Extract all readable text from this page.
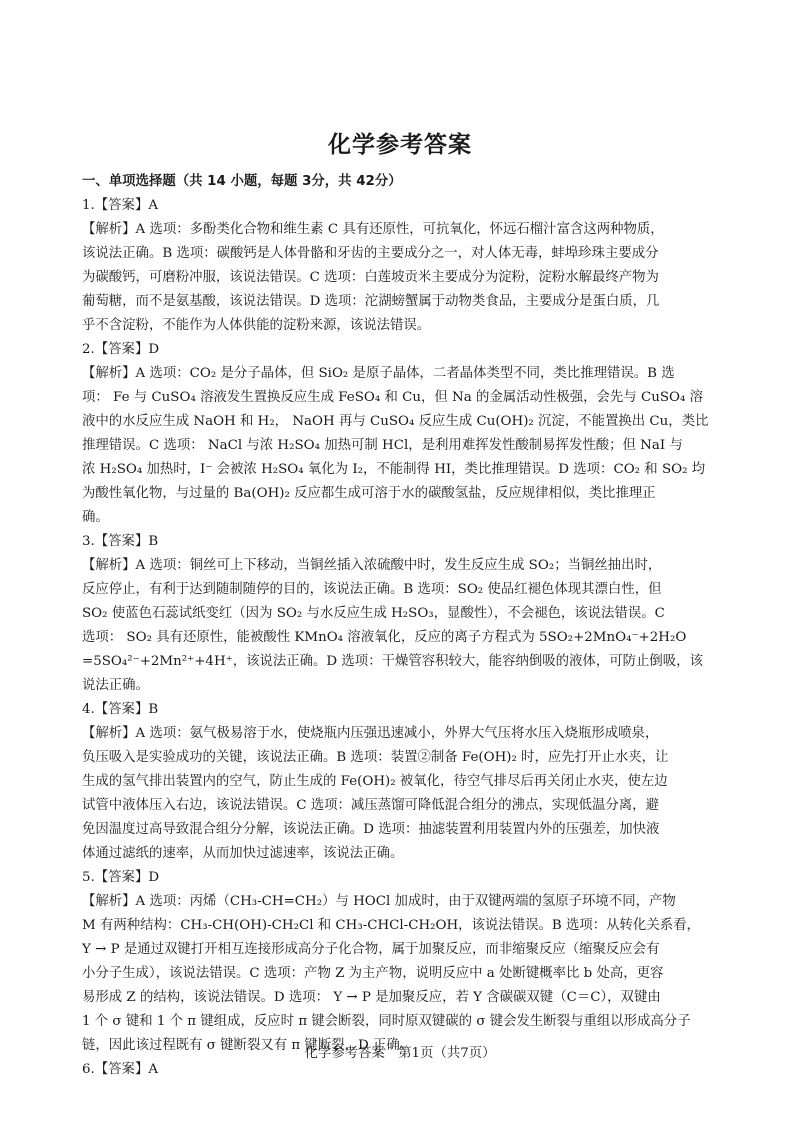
化学参考答案
一、单项选择题（共 14 小题，每题 3分，共 42分）
1.【答案】A
【解析】A 选项：多酚类化合物和维生素 C 具有还原性，可抗氧化，怀远石榴汁富含这两种物质，
该说法正确。B 选项：碳酸钙是人体骨骼和牙齿的主要成分之一，对人体无毒，蚌埠珍珠主要成分
为碳酸钙，可磨粉冲服，该说法错误。C 选项：白莲坡贡米主要成分为淀粉，淀粉水解最终产物为
葡萄糖，而不是氨基酸，该说法错误。D 选项：沱湖螃蟹属于动物类食品，主要成分是蛋白质，几
乎不含淀粉，不能作为人体供能的淀粉来源，该说法错误。
2.【答案】D
【解析】A 选项：CO₂ 是分子晶体，但 SiO₂ 是原子晶体，二者晶体类型不同，类比推理错误。B 选
项： Fe 与 CuSO₄ 溶液发生置换反应生成 FeSO₄ 和 Cu，但 Na 的金属活动性极强，会先与 CuSO₄ 溶
液中的水反应生成 NaOH 和 H₂， NaOH 再与 CuSO₄ 反应生成 Cu(OH)₂ 沉淀，不能置换出 Cu，类比
推理错误。C 选项： NaCl 与浓 H₂SO₄ 加热可制 HCl，是利用难挥发性酸制易挥发性酸；但 NaI 与
浓 H₂SO₄ 加热时，I⁻ 会被浓 H₂SO₄ 氧化为 I₂，不能制得 HI，类比推理错误。D 选项：CO₂ 和 SO₂ 均
为酸性氧化物，与过量的 Ba(OH)₂ 反应都生成可溶于水的碳酸氢盐，反应规律相似，类比推理正
确。
3.【答案】B
【解析】A 选项：铜丝可上下移动，当铜丝插入浓硫酸中时，发生反应生成 SO₂；当铜丝抽出时，
反应停止，有利于达到随制随停的目的，该说法正确。B 选项：SO₂ 使品红褪色体现其漂白性，但
SO₂ 使蓝色石蕊试纸变红（因为 SO₂ 与水反应生成 H₂SO₃，显酸性），不会褪色，该说法错误。C
选项： SO₂ 具有还原性，能被酸性 KMnO₄ 溶液氧化，反应的离子方程式为 5SO₂+2MnO₄⁻+2H₂O
=5SO₄²⁻+2Mn²⁺+4H⁺，该说法正确。D 选项：干燥管容积较大，能容纳倒吸的液体，可防止倒吸，该
说法正确。
4.【答案】B
【解析】A 选项：氨气极易溶于水，使烧瓶内压强迅速减小，外界大气压将水压入烧瓶形成喷泉，
负压吸入是实验成功的关键，该说法正确。B 选项：装置②制备 Fe(OH)₂ 时，应先打开止水夹，让
生成的氢气排出装置内的空气，防止生成的 Fe(OH)₂ 被氧化，待空气排尽后再关闭止水夹，使左边
试管中液体压入右边，该说法错误。C 选项：减压蒸馏可降低混合组分的沸点，实现低温分离，避
免因温度过高导致混合组分分解，该说法正确。D 选项：抽滤装置利用装置内外的压强差，加快液
体通过滤纸的速率，从而加快过滤速率，该说法正确。
5.【答案】D
【解析】A 选项：丙烯（CH₃-CH=CH₂）与 HOCl 加成时，由于双键两端的氢原子环境不同，产物
M 有两种结构：CH₃-CH(OH)-CH₂Cl 和 CH₃-CHCl-CH₂OH，该说法错误。B 选项：从转化关系看，
Y → P 是通过双键打开相互连接形成高分子化合物，属于加聚反应，而非缩聚反应（缩聚反应会有
小分子生成），该说法错误。C 选项：产物 Z 为主产物，说明反应中 a 处断键概率比 b 处高，更容
易形成 Z 的结构，该说法错误。D 选项： Y → P 是加聚反应，若 Y 含碳碳双键（C＝C），双键由
1 个 σ 键和 1 个 π 键组成，反应时 π 键会断裂，同时原双键碳的 σ 键会发生断裂与重组以形成高分子
链，因此该过程既有 σ 键断裂又有 π 键断裂，D 正确。
6.【答案】A
化学参考答案　第1页（共7页）
